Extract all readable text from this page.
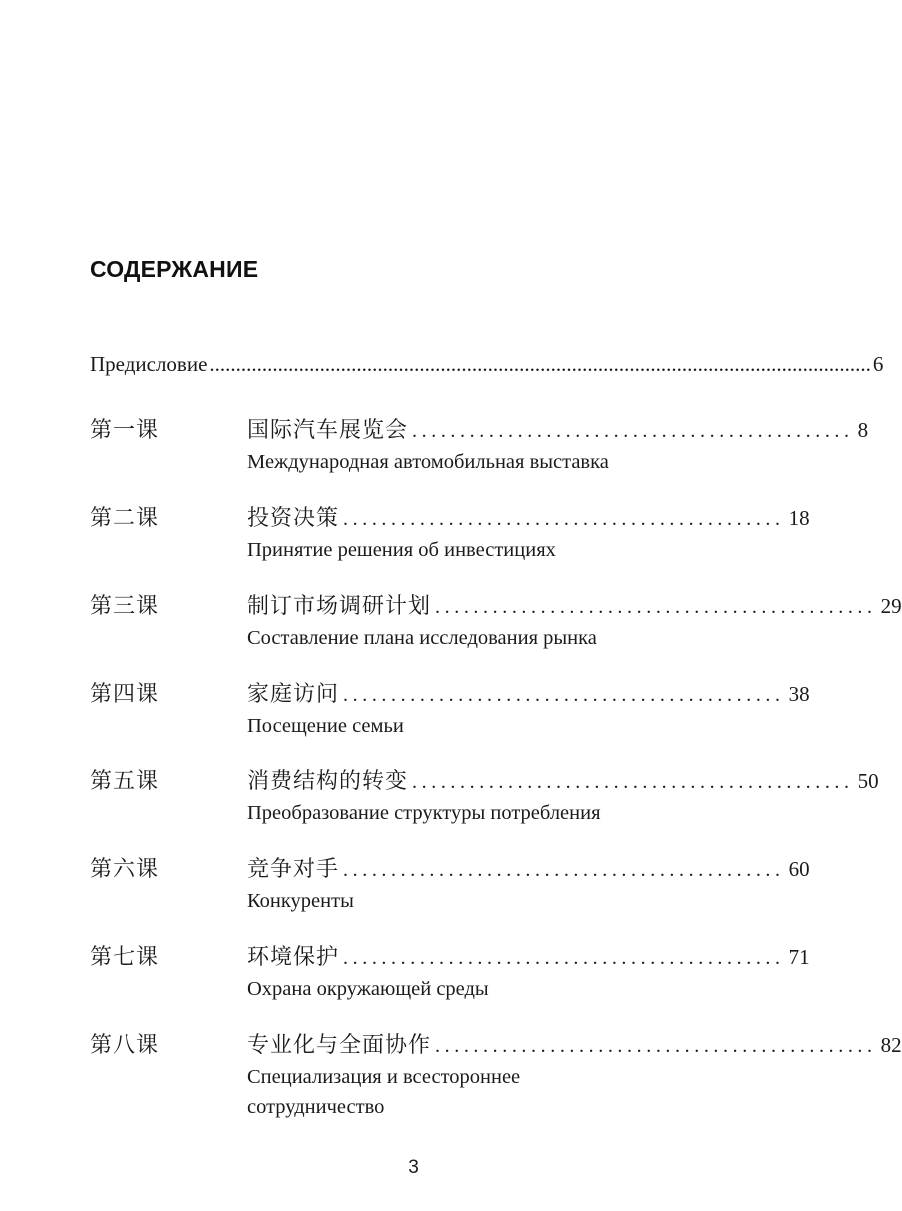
СОДЕРЖАНИЕ
Предисловие .............................................................................................................................. 6
第一课	国际汽车展览会 .............................................. 8
Международная автомобильная выставка
第二课	投资决策 .............................................. 18
Принятие решения об инвестициях
第三课	制订市场调研计划 .............................................. 29
Составление плана исследования рынка
第四课	家庭访问 .............................................. 38
Посещение семьи
第五课	消费结构的转变 .............................................. 50
Преобразование структуры потребления
第六课	竞争对手 .............................................. 60
Конкуренты
第七课	环境保护 .............................................. 71
Охрана окружающей среды
第八课	专业化与全面协作 .............................................. 82
Специализация и всестороннее сотрудничество
3
